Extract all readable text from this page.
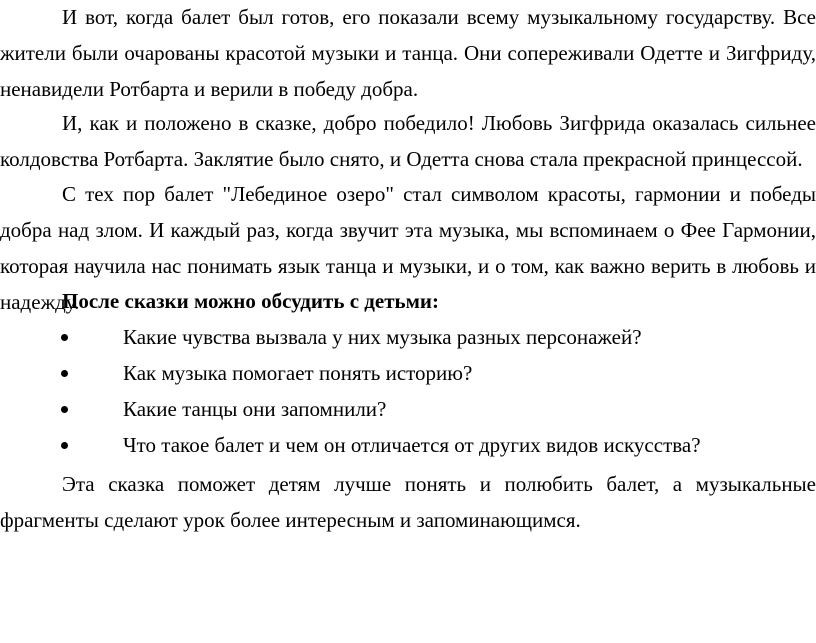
И вот, когда балет был готов, его показали всему музыкальному государству. Все жители были очарованы красотой музыки и танца. Они сопереживали Одетте и Зигфриду, ненавидели Ротбарта и верили в победу добра.

И, как и положено в сказке, добро победило! Любовь Зигфрида оказалась сильнее колдовства Ротбарта. Заклятие было снято, и Одетта снова стала прекрасной принцессой.

С тех пор балет "Лебединое озеро" стал символом красоты, гармонии и победы добра над злом. И каждый раз, когда звучит эта музыка, мы вспоминаем о Фее Гармонии, которая научила нас понимать язык танца и музыки, и о том, как важно верить в любовь и надежду.

После сказки можно обсудить с детьми:

Какие чувства вызвала у них музыка разных персонажей?
Как музыка помогает понять историю?
Какие танцы они запомнили?
Что такое балет и чем он отличается от других видов искусства?

Эта сказка поможет детям лучше понять и полюбить балет, а музыкальные фрагменты сделают урок более интересным и запоминающимся.
